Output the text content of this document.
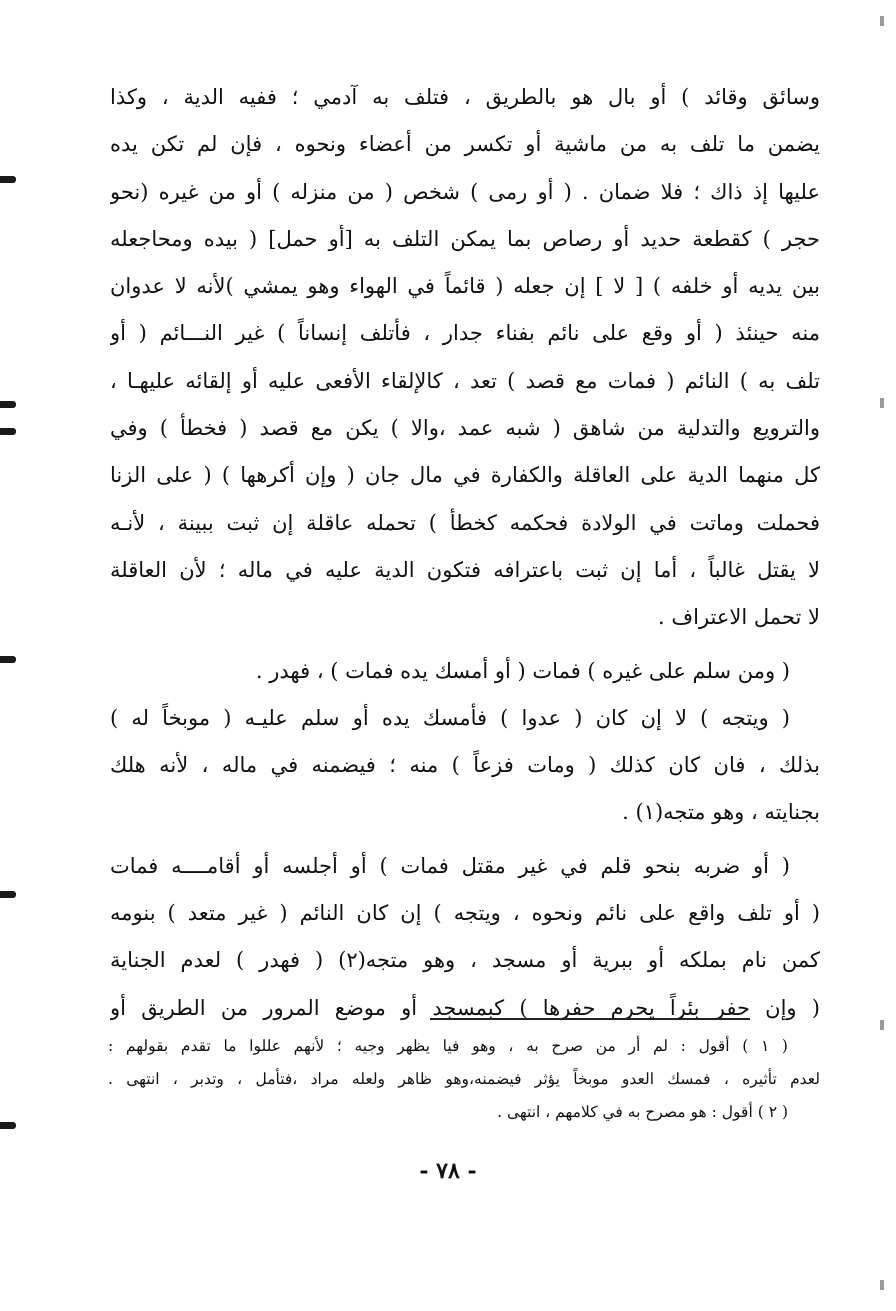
وسائق وقائد ) أو بال هو بالطريق ، فتلف به آدمي ؛ ففيه الدية ، وكذا
يضمن ما تلف به من ماشية أو تكسر من أعضاء ونحوه ، فإن لم تكن يده
عليها إذ ذاك ؛ فلا ضمان . ( أو رمى ) شخص ( من منزله ) أو من غيره (نحو
حجر ) كقطعة حديد أو رصاص بما يمكن التلف به [أو حمل] ( بيده ومحاجعله
بين يديه أو خلفه ) [ لا ] إن جعله ( قائماً في الهواء وهو يمشي )لأنه لا عدوان
منه حينئذ ( أو وقع على نائم بفناء جدار ، فأتلف إنساناً ) غير النـــائم ( أو
تلف به ) النائم ( فمات مع قصد ) تعد ، كالإلقاء الأفعى عليه أو إلقائه عليهـا ،
والترويع والتدلية من شاهق ( شبه عمد ،والا ) يكن مع قصد ( فخطأ ) وفي
كل منهما الدية على العاقلة والكفارة في مال جان ( وإن أكرهها ) ( على الزنا
فحملت وماتت في الولادة فحكمه كخطأ ) تحمله عاقلة إن ثبت ببينة ، لأنـه
لا يقتل غالباً ، أما إن ثبت باعترافه فتكون الدية عليه في ماله ؛ لأن العاقلة
لا تحمل الاعتراف .
( ومن سلم على غيره ) فمات ( أو أمسك يده فمات ) ، فهدر .
( ويتجه ) لا إن كان ( عدوا ) فأمسك يده أو سلم عليـه ( موبخاً له )
بذلك ، فان كان كذلك ( ومات فزعاً ) منه ؛ فيضمنه في ماله ، لأنه هلك
بجنايته ، وهو متجه(١) .
( أو ضربه بنحو قلم في غير مقتل فمات ) أو أجلسه أو أقامــــه فمات
( أو تلف واقع على نائم ونحوه ، ويتجه ) إن كان النائم ( غير متعد ) بنومه
كمن نام بملكه أو ببرية أو مسجد ، وهو متجه(٢) ( فهدر ) لعدم الجناية
( وإن حفر بئراً يحرم حفرها ) كبمسجد أو موضع المرور من الطريق أو
( ١ ) أقول : لم أر من صرح به ، وهو فيا يظهر وجيه ؛ لأنهم عللوا ما تقدم بقولهم :
لعدم تأثيره ، فمسك العدو موبخاً يؤثر فيضمنه،وهو ظاهر ولعله مراد ،فتأمل ، وتدبر ، انتهى .
( ٢ ) أقول : هو مصرح به في كلامهم ، انتهى .
- ٧٨ -
